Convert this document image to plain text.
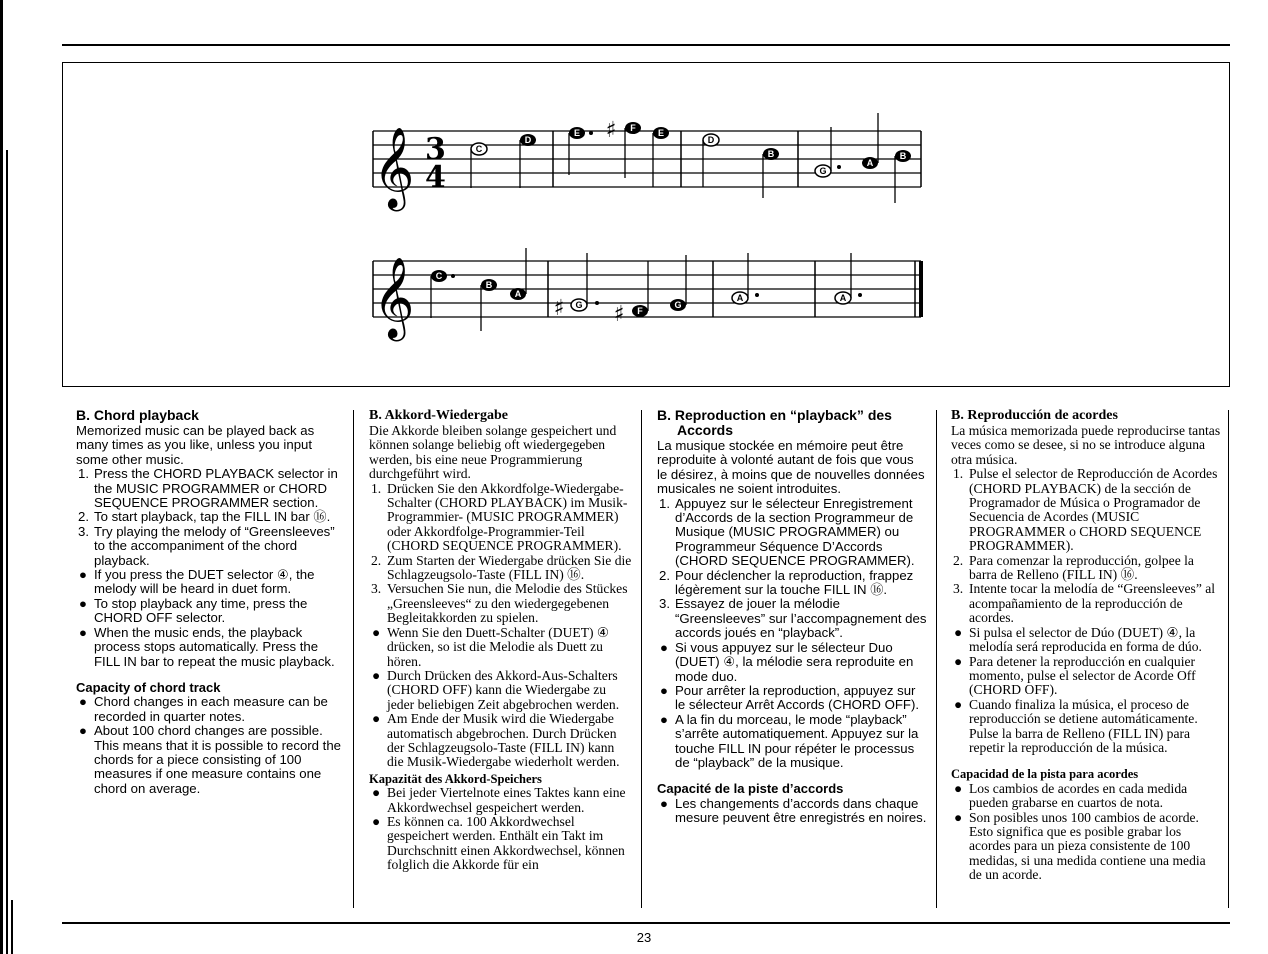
𝄞
𝄞
3
4
C
D
E ♯ F E
D
B
G
A
B
C
B
A
♯ G ♯ F
G
A	A
B. Chord playback

Memorized music can be played back as many times as you like, unless you input some other music.

1. Press the CHORD PLAYBACK selector in the MUSIC PROGRAMMER or CHORD SEQUENCE PROGRAMMER section.
2. To start playback, tap the FILL IN bar ⑯.
3. Try playing the melody of “Greensleeves” to the accompaniment of the chord playback.
● If you press the DUET selector ④, the melody will be heard in duet form.
● To stop playback any time, press the CHORD OFF selector.
● When the music ends, the playback process stops automatically. Press the FILL IN bar to repeat the music playback.
Capacity of chord track
● Chord changes in each measure can be recorded in quarter notes.
● About 100 chord changes are possible. This means that it is possible to record the chords for a piece consisting of 100 measures if one measure contains one chord on average.
B. Akkord-Wiedergabe

Die Akkorde bleiben solange gespeichert und können solange beliebig oft wiedergegeben werden, bis eine neue Programmierung durchgeführt wird.

1. Drücken Sie den Akkordfolge-Wiedergabe-Schalter (CHORD PLAYBACK) im Musik-Programmier- (MUSIC PROGRAMMER) oder Akkordfolge-Programmier-Teil (CHORD SEQUENCE PROGRAMMER).
2. Zum Starten der Wiedergabe drücken Sie die Schlagzeugsolo-Taste (FILL IN) ⑯.
3. Versuchen Sie nun, die Melodie des Stückes „Greensleeves“ zu den wiedergegebenen Begleitakkorden zu spielen.
● Wenn Sie den Duett-Schalter (DUET) ④ drücken, so ist die Melodie als Duett zu hören.
● Durch Drücken des Akkord-Aus-Schalters (CHORD OFF) kann die Wiedergabe zu jeder beliebigen Zeit abgebrochen werden.
● Am Ende der Musik wird die Wiedergabe automatisch abgebrochen. Durch Drücken der Schlagzeugsolo-Taste (FILL IN) kann die Musik-Wiedergabe wiederholt werden.
Kapazität des Akkord-Speichers
● Bei jeder Viertelnote eines Taktes kann eine Akkordwechsel gespeichert werden.
● Es können ca. 100 Akkordwechsel gespeichert werden. Enthält ein Takt im Durchschnitt einen Akkordwechsel, können folglich die Akkorde für ein
B. Reproduction en “playback” des Accords

La musique stockée en mémoire peut être reproduite à volonté autant de fois que vous le désirez, à moins que de nouvelles données musicales ne soient introduites.

1. Appuyez sur le sélecteur Enregistrement d’Accords de la section Programmeur de Musique (MUSIC PROGRAMMER) ou Programmeur Séquence D’Accords (CHORD SEQUENCE PROGRAMMER).
2. Pour déclencher la reproduction, frappez légèrement sur la touche FILL IN ⑯.
3. Essayez de jouer la mélodie “Greensleeves” sur l’accompagnement des accords joués en “playback”.
● Si vous appuyez sur le sélecteur Duo (DUET) ④, la mélodie sera reproduite en mode duo.
● Pour arrêter la reproduction, appuyez sur le sélecteur Arrêt Accords (CHORD OFF).
● A la fin du morceau, le mode “playback” s’arrête automatiquement. Appuyez sur la touche FILL IN pour répéter le processus de “playback” de la musique.
Capacité de la piste d’accords
● Les changements d’accords dans chaque mesure peuvent être enregistrés en noires.
B. Reproducción de acordes

La música memorizada puede reproducirse tantas veces como se desee, si no se introduce alguna otra música.

1. Pulse el selector de Reproducción de Acordes (CHORD PLAYBACK) de la sección de Programador de Música o Programador de Secuencia de Acordes (MUSIC PROGRAMMER o CHORD SEQUENCE PROGRAMMER).
2. Para comenzar la reproducción, golpee la barra de Relleno (FILL IN) ⑯.
3. Intente tocar la melodía de “Greensleeves” al acompañamiento de la reproducción de acordes.
● Si pulsa el selector de Dúo (DUET) ④, la melodía será reproducida en forma de dúo.
● Para detener la reproducción en cualquier momento, pulse el selector de Acorde Off (CHORD OFF).
● Cuando finaliza la música, el proceso de reproducción se detiene automáticamente. Pulse la barra de Relleno (FILL IN) para repetir la reproducción de la música.
Capacidad de la pista para acordes
● Los cambios de acordes en cada medida pueden grabarse en cuartos de nota.
● Son posibles unos 100 cambios de acorde. Esto significa que es posible grabar los acordes para un pieza consistente de 100 medidas, si una medida contiene una media de un acorde.
23
